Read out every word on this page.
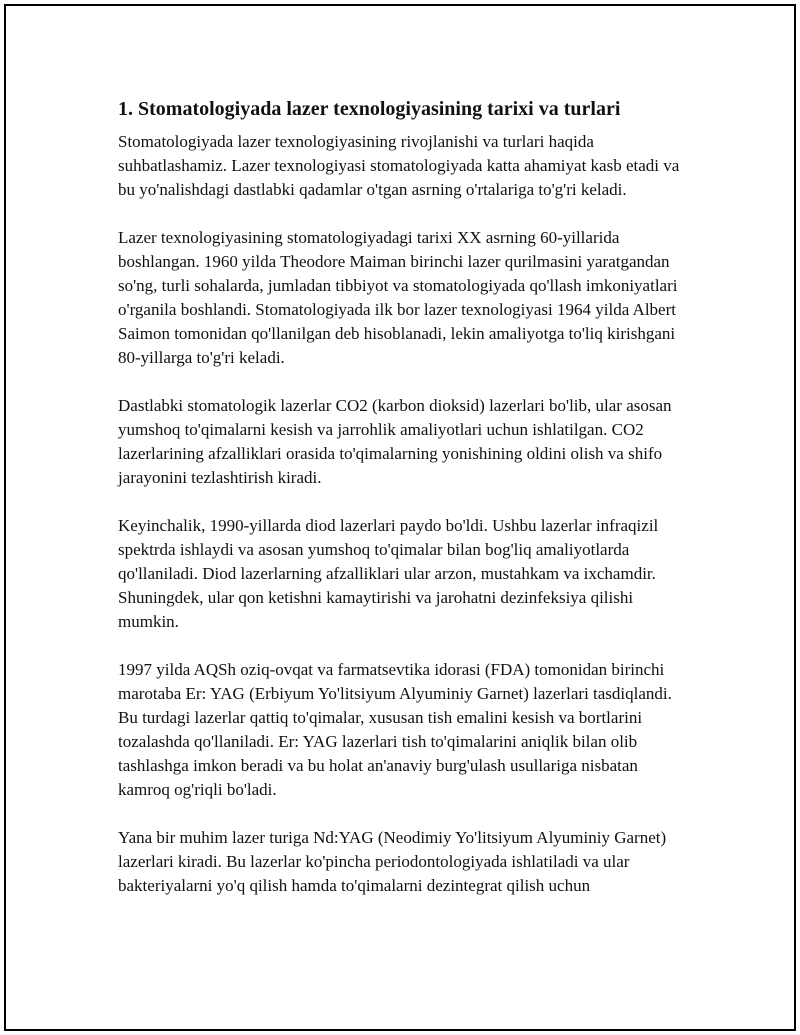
1. Stomatologiyada lazer texnologiyasining tarixi va turlari

Stomatologiyada lazer texnologiyasining rivojlanishi va turlari haqida suhbatlashamiz. Lazer texnologiyasi stomatologiyada katta ahamiyat kasb etadi va bu yo'nalishdagi dastlabki qadamlar o'tgan asrning o'rtalariga to'g'ri keladi.

Lazer texnologiyasining stomatologiyadagi tarixi XX asrning 60-yillarida boshlangan. 1960 yilda Theodore Maiman birinchi lazer qurilmasini yaratgandan so'ng, turli sohalarda, jumladan tibbiyot va stomatologiyada qo'llash imkoniyatlari o'rganila boshlandi. Stomatologiyada ilk bor lazer texnologiyasi 1964 yilda Albert Saimon tomonidan qo'llanilgan deb hisoblanadi, lekin amaliyotga to'liq kirishgani 80-yillarga to'g'ri keladi.

Dastlabki stomatologik lazerlar CO2 (karbon dioksid) lazerlari bo'lib, ular asosan yumshoq to'qimalarni kesish va jarrohlik amaliyotlari uchun ishlatilgan. CO2 lazerlarining afzalliklari orasida to'qimalarning yonishining oldini olish va shifo jarayonini tezlashtirish kiradi.

Keyinchalik, 1990-yillarda diod lazerlari paydo bo'ldi. Ushbu lazerlar infraqizil spektrda ishlaydi va asosan yumshoq to'qimalar bilan bog'liq amaliyotlarda qo'llaniladi. Diod lazerlarning afzalliklari ular arzon, mustahkam va ixchamdir. Shuningdek, ular qon ketishni kamaytirishi va jarohatni dezinfeksiya qilishi mumkin.

1997 yilda AQSh oziq-ovqat va farmatsevtika idorasi (FDA) tomonidan birinchi marotaba Er: YAG (Erbiyum Yo'litsiyum Alyuminiy Garnet) lazerlari tasdiqlandi. Bu turdagi lazerlar qattiq to'qimalar, xususan tish emalini kesish va bortlarini tozalashda qo'llaniladi. Er: YAG lazerlari tish to'qimalarini aniqlik bilan olib tashlashga imkon beradi va bu holat an'anaviy burg'ulash usullariga nisbatan kamroq og'riqli bo'ladi.

Yana bir muhim lazer turiga Nd:YAG (Neodimiy Yo'litsiyum Alyuminiy Garnet) lazerlari kiradi. Bu lazerlar ko'pincha periodontologiyada ishlatiladi va ular bakteriyalarni yo'q qilish hamda to'qimalarni dezintegrat qilish uchun
